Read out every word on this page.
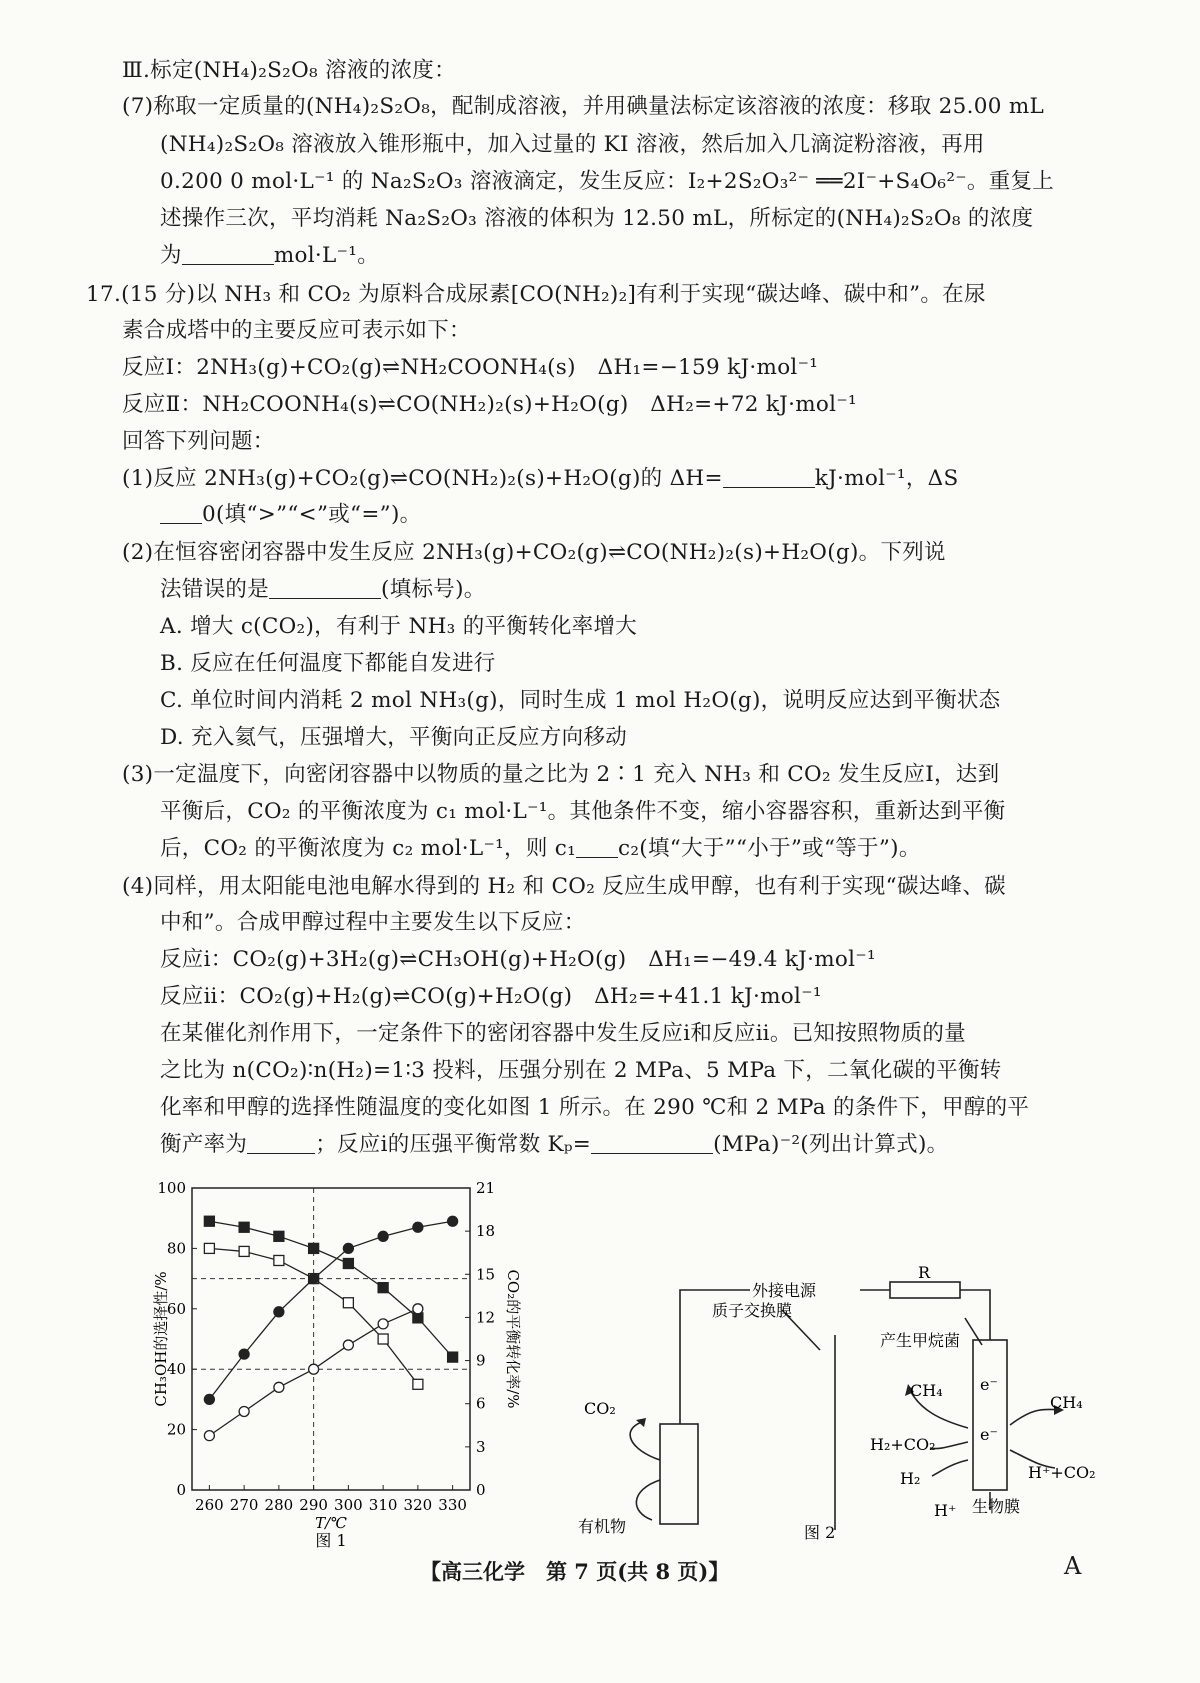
Ⅲ.标定(NH₄)₂S₂O₈ 溶液的浓度：
(7)称取一定质量的(NH₄)₂S₂O₈，配制成溶液，并用碘量法标定该溶液的浓度：移取 25.00 mL
(NH₄)₂S₂O₈ 溶液放入锥形瓶中，加入过量的 KI 溶液，然后加入几滴淀粉溶液，再用
0.200 0 mol·L⁻¹ 的 Na₂S₂O₃ 溶液滴定，发生反应：I₂+2S₂O₃²⁻ ══2I⁻+S₄O₆²⁻。重复上
述操作三次，平均消耗 Na₂S₂O₃ 溶液的体积为 12.50 mL，所标定的(NH₄)₂S₂O₈ 的浓度
为	mol·L⁻¹。
17.(15 分)以 NH₃ 和 CO₂ 为原料合成尿素[CO(NH₂)₂]有利于实现“碳达峰、碳中和”。在尿
素合成塔中的主要反应可表示如下：
反应Ⅰ：2NH₃(g)+CO₂(g)⇌NH₂COONH₄(s)　ΔH₁=−159 kJ·mol⁻¹
反应Ⅱ：NH₂COONH₄(s)⇌CO(NH₂)₂(s)+H₂O(g)　ΔH₂=+72 kJ·mol⁻¹
回答下列问题：
(1)反应 2NH₃(g)+CO₂(g)⇌CO(NH₂)₂(s)+H₂O(g)的 ΔH=	kJ·mol⁻¹，ΔS
0(填“>”“<”或“=”)。
(2)在恒容密闭容器中发生反应 2NH₃(g)+CO₂(g)⇌CO(NH₂)₂(s)+H₂O(g)。下列说
法错误的是	(填标号)。
A. 增大 c(CO₂)，有利于 NH₃ 的平衡转化率增大
B. 反应在任何温度下都能自发进行
C. 单位时间内消耗 2 mol NH₃(g)，同时生成 1 mol H₂O(g)，说明反应达到平衡状态
D. 充入氦气，压强增大，平衡向正反应方向移动
(3)一定温度下，向密闭容器中以物质的量之比为 2∶1 充入 NH₃ 和 CO₂ 发生反应Ⅰ，达到
平衡后，CO₂ 的平衡浓度为 c₁ mol·L⁻¹。其他条件不变，缩小容器容积，重新达到平衡
后，CO₂ 的平衡浓度为 c₂ mol·L⁻¹，则 c₁ c₂(填“大于”“小于”或“等于”)。
(4)同样，用太阳能电池电解水得到的 H₂ 和 CO₂ 反应生成甲醇，也有利于实现“碳达峰、碳
中和”。合成甲醇过程中主要发生以下反应：
反应ⅰ：CO₂(g)+3H₂(g)⇌CH₃OH(g)+H₂O(g)　ΔH₁=−49.4 kJ·mol⁻¹
反应ⅱ：CO₂(g)+H₂(g)⇌CO(g)+H₂O(g)　ΔH₂=+41.1 kJ·mol⁻¹
在某催化剂作用下，一定条件下的密闭容器中发生反应ⅰ和反应ⅱ。已知按照物质的量
之比为 n(CO₂)∶n(H₂)=1∶3 投料，压强分别在 2 MPa、5 MPa 下，二氧化碳的平衡转
化率和甲醇的选择性随温度的变化如图 1 所示。在 290 ℃和 2 MPa 的条件下，甲醇的平
衡产率为	；反应ⅰ的压强平衡常数 Kₚ=	(MPa)⁻²(列出计算式)。
0
20
40
60
80
100
0
3
6
9
12
15
18
21
260 270 280 290 300 310 320 330
T/℃
CH₃OH的选择性/%	CO₂的平衡转化率/%
图 1
外接电源
R
质子交换膜
产生甲烷菌
CO₂
有机物
CH₄
H₂+CO₂
H₂
H⁺
CH₄
H⁺+CO₂
生物膜
e⁻
e⁻
图 2
【高三化学　第 7 页(共 8 页)】	A
